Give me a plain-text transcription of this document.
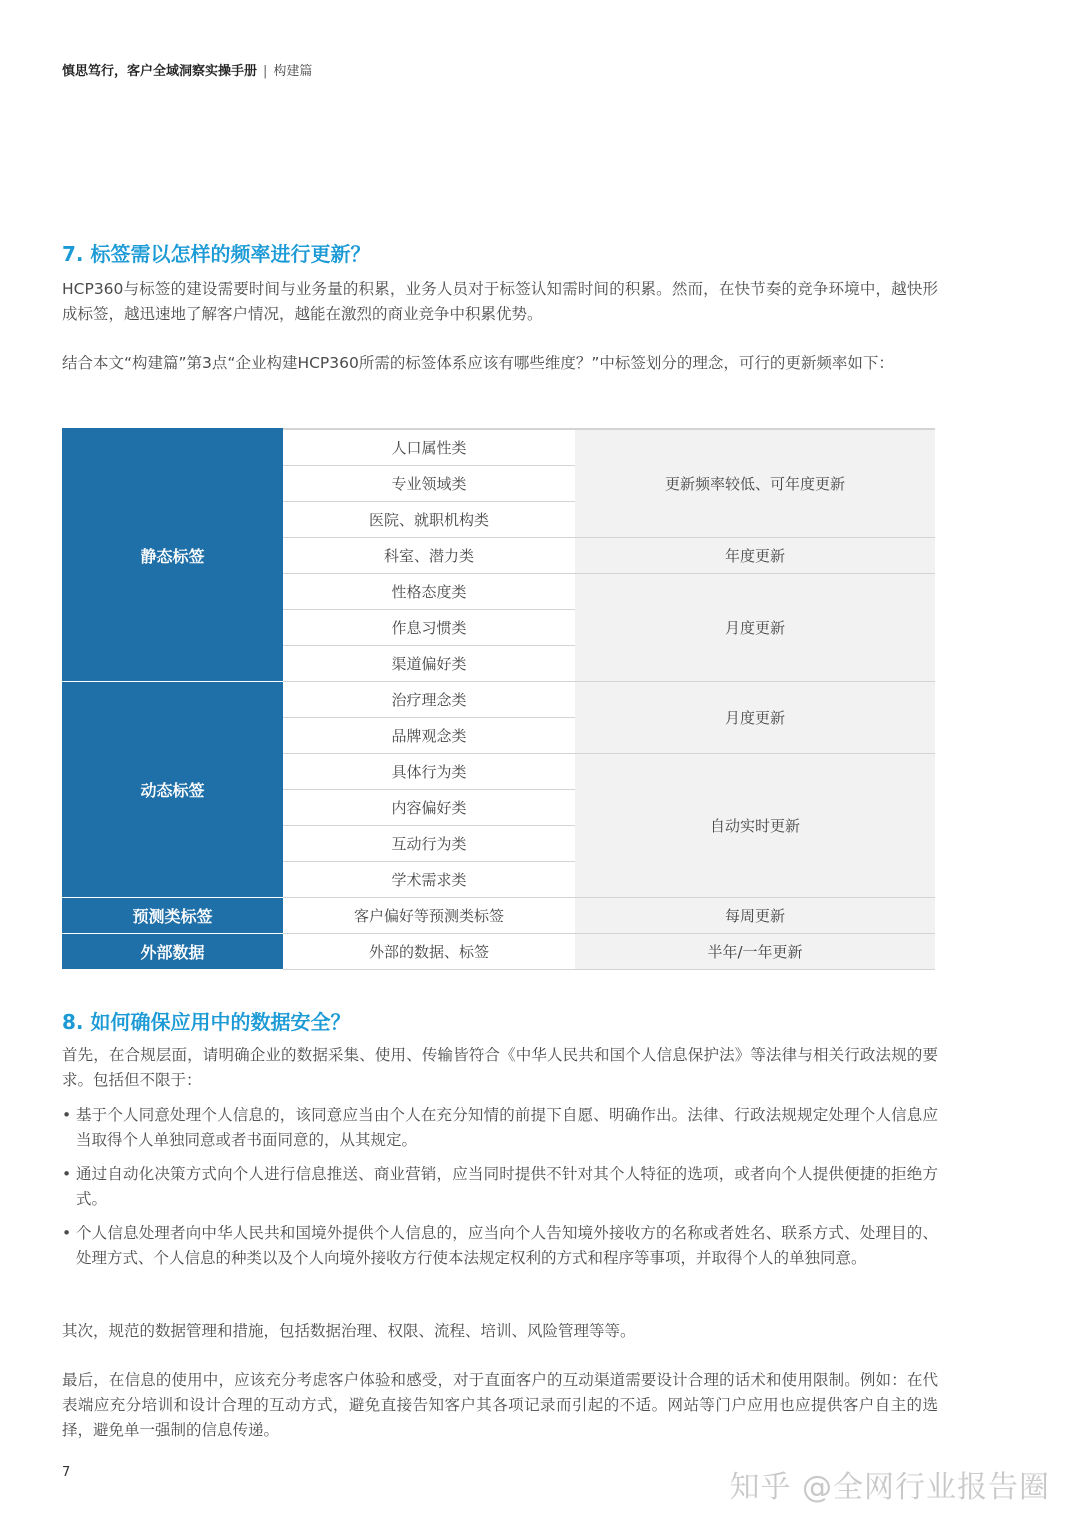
慎思笃行，客户全域洞察实操手册 | 构建篇
7. 标签需以怎样的频率进行更新？
HCP360与标签的建设需要时间与业务量的积累，业务人员对于标签认知需时间的积累。然而，在快节奏的竞争环境中，越快形成标签，越迅速地了解客户情况，越能在激烈的商业竞争中积累优势。
结合本文“构建篇”第3点“企业构建HCP360所需的标签体系应该有哪些维度？”中标签划分的理念，可行的更新频率如下：
静态标签	人口属性类	更新频率较低、可年度更新
	专业领域类	
	医院、就职机构类	
	科室、潜力类	年度更新
	性格态度类	月度更新
	作息习惯类	
	渠道偏好类	
动态标签	治疗理念类	月度更新
	品牌观念类	
	具体行为类	自动实时更新
	内容偏好类	
	互动行为类	
	学术需求类	
预测类标签	客户偏好等预测类标签	每周更新
外部数据	外部的数据、标签	半年/一年更新
8. 如何确保应用中的数据安全？
首先，在合规层面，请明确企业的数据采集、使用、传输皆符合《中华人民共和国个人信息保护法》等法律与相关行政法规的要求。包括但不限于：
• 基于个人同意处理个人信息的，该同意应当由个人在充分知情的前提下自愿、明确作出。法律、行政法规规定处理个人信息应当取得个人单独同意或者书面同意的，从其规定。
• 通过自动化决策方式向个人进行信息推送、商业营销，应当同时提供不针对其个人特征的选项，或者向个人提供便捷的拒绝方式。
• 个人信息处理者向中华人民共和国境外提供个人信息的，应当向个人告知境外接收方的名称或者姓名、联系方式、处理目的、处理方式、个人信息的种类以及个人向境外接收方行使本法规定权利的方式和程序等事项，并取得个人的单独同意。
其次，规范的数据管理和措施，包括数据治理、权限、流程、培训、风险管理等等。
最后，在信息的使用中，应该充分考虑客户体验和感受，对于直面客户的互动渠道需要设计合理的话术和使用限制。例如：在代表端应充分培训和设计合理的互动方式，避免直接告知客户其各项记录而引起的不适。网站等门户应用也应提供客户自主的选择，避免单一强制的信息传递。
7	知乎 @全网行业报告圈
